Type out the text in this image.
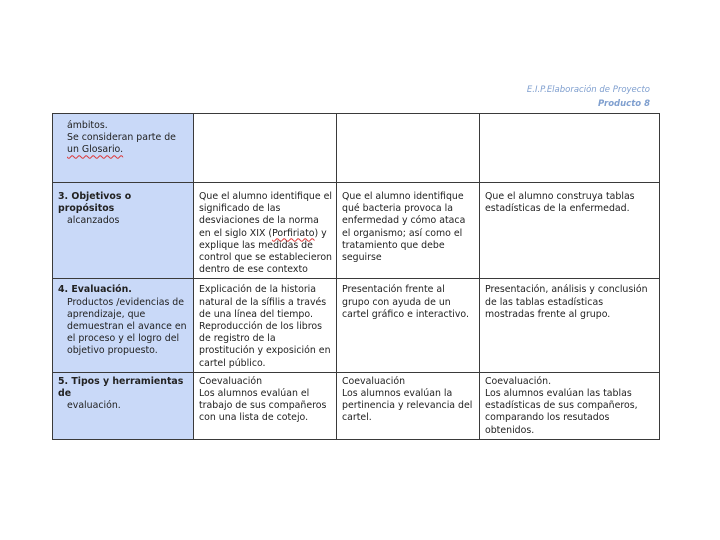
E.I.P.Elaboración de Proyecto
Producto 8
ámbitos.
Se consideran parte de
un Glosario.			

3. Objetivos o propósitos
alcanzados	Que el alumno identifique el significado de las desviaciones de la norma en el siglo XIX (Porfiriato) y explique las medidas de control que se establecieron dentro de ese contexto	Que el alumno identifique qué bacteria provoca la enfermedad y cómo ataca el organismo; así como el tratamiento que debe seguirse	Que el alumno construya tablas estadísticas de la enfermedad.

4. Evaluación.
Productos /evidencias de aprendizaje, que demuestran el avance en el proceso y el logro del objetivo propuesto.	Explicación de la historia natural de la sífilis a través de una línea del tiempo. Reproducción de los libros de registro de la prostitución y exposición en cartel público.	Presentación frente al grupo con ayuda de un cartel gráfico e interactivo.	Presentación, análisis y conclusión de las tablas estadísticas mostradas frente al grupo.

5. Tipos y herramientas de
evaluación.	Coevaluación
Los alumnos evalúan el trabajo de sus compañeros con una lista de cotejo.	Coevaluación
Los alumnos evalúan la pertinencia y relevancia del cartel.	Coevaluación.
Los alumnos evalúan las tablas estadísticas de sus compañeros, comparando los resutados obtenidos.
